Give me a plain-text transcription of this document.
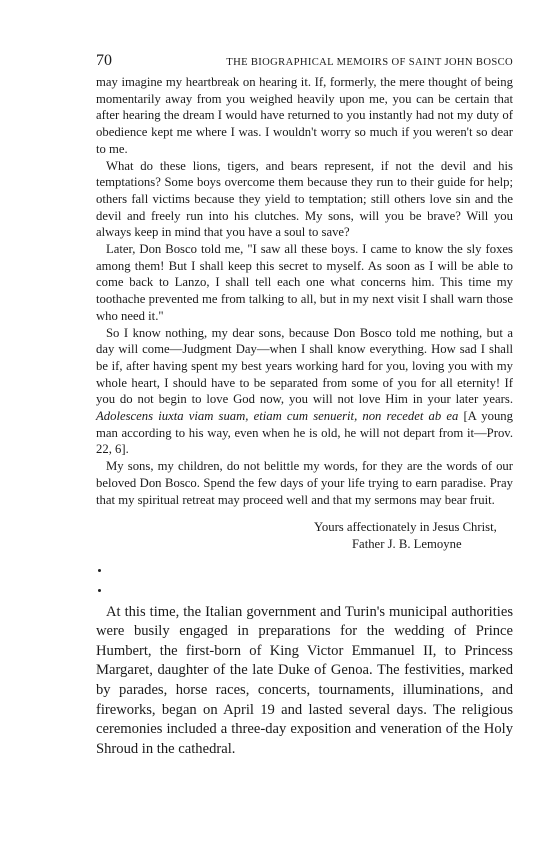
70	THE BIOGRAPHICAL MEMOIRS OF SAINT JOHN BOSCO

may imagine my heartbreak on hearing it. If, formerly, the mere thought of being momentarily away from you weighed heavily upon me, you can be certain that after hearing the dream I would have returned to you instantly had not my duty of obedience kept me where I was. I wouldn't worry so much if you weren't so dear to me.

What do these lions, tigers, and bears represent, if not the devil and his temptations? Some boys overcome them because they run to their guide for help; others fall victims because they yield to temptation; still others love sin and the devil and freely run into his clutches. My sons, will you be brave? Will you always keep in mind that you have a soul to save?

Later, Don Bosco told me, "I saw all these boys. I came to know the sly foxes among them! But I shall keep this secret to myself. As soon as I will be able to come back to Lanzo, I shall tell each one what concerns him. This time my toothache prevented me from talking to all, but in my next visit I shall warn those who need it."

So I know nothing, my dear sons, because Don Bosco told me nothing, but a day will come—Judgment Day—when I shall know everything. How sad I shall be if, after having spent my best years working hard for you, loving you with my whole heart, I should have to be separated from some of you for all eternity! If you do not begin to love God now, you will not love Him in your later years. Adolescens iuxta viam suam, etiam cum senuerit, non recedet ab ea [A young man according to his way, even when he is old, he will not depart from it—Prov. 22, 6].

My sons, my children, do not belittle my words, for they are the words of our beloved Don Bosco. Spend the few days of your life trying to earn paradise. Pray that my spiritual retreat may proceed well and that my sermons may bear fruit.

Yours affectionately in Jesus Christ,
Father J. B. Lemoyne

At this time, the Italian government and Turin's municipal authorities were busily engaged in preparations for the wedding of Prince Humbert, the first-born of King Victor Emmanuel II, to Princess Margaret, daughter of the late Duke of Genoa. The festivities, marked by parades, horse races, concerts, tournaments, illuminations, and fireworks, began on April 19 and lasted several days. The religious ceremonies included a three-day exposition and veneration of the Holy Shroud in the cathedral.
